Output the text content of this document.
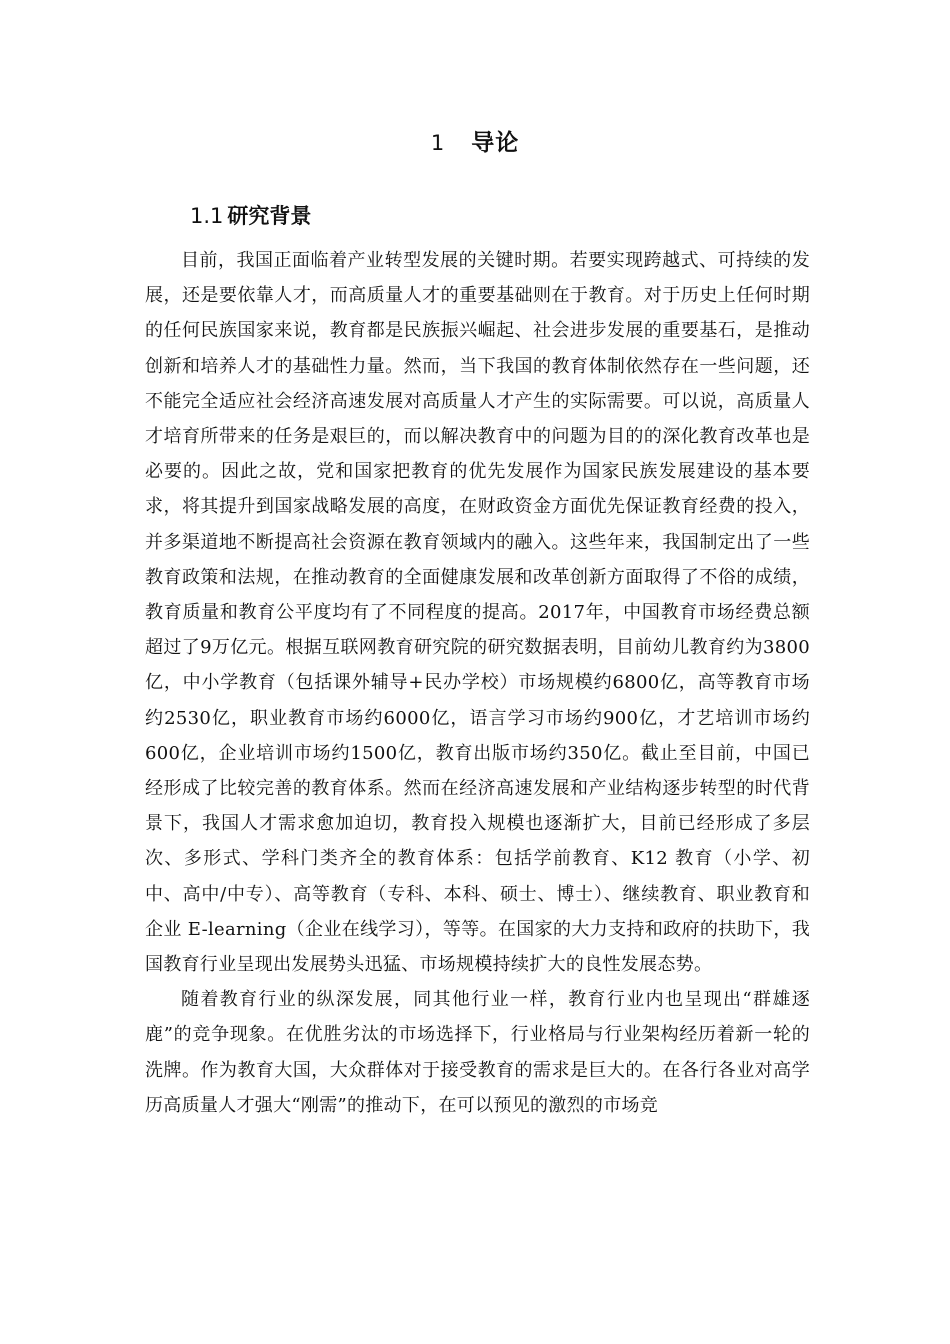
1 导论
1.1 研究背景

目前，我国正面临着产业转型发展的关键时期。若要实现跨越式、可持续的发展，还是要依靠人才，而高质量人才的重要基础则在于教育。对于历史上任何时期的任何民族国家来说，教育都是民族振兴崛起、社会进步发展的重要基石，是推动创新和培养人才的基础性力量。然而，当下我国的教育体制依然存在一些问题，还不能完全适应社会经济高速发展对高质量人才产生的实际需要。可以说，高质量人才培育所带来的任务是艰巨的，而以解决教育中的问题为目的的深化教育改革也是必要的。因此之故，党和国家把教育的优先发展作为国家民族发展建设的基本要求，将其提升到国家战略发展的高度，在财政资金方面优先保证教育经费的投入，并多渠道地不断提高社会资源在教育领域内的融入。这些年来，我国制定出了一些教育政策和法规，在推动教育的全面健康发展和改革创新方面取得了不俗的成绩，教育质量和教育公平度均有了不同程度的提高。2017年，中国教育市场经费总额超过了9万亿元。根据互联网教育研究院的研究数据表明，目前幼儿教育约为3800亿，中小学教育（包括课外辅导+民办学校）市场规模约6800亿，高等教育市场约2530亿，职业教育市场约6000亿，语言学习市场约900亿，才艺培训市场约600亿，企业培训市场约1500亿，教育出版市场约350亿。截止至目前，中国已经形成了比较完善的教育体系。然而在经济高速发展和产业结构逐步转型的时代背景下，我国人才需求愈加迫切，教育投入规模也逐渐扩大，目前已经形成了多层次、多形式、学科门类齐全的教育体系：包括学前教育、K12 教育（小学、初中、高中/中专）、高等教育（专科、本科、硕士、博士）、继续教育、职业教育和企业 E-learning（企业在线学习），等等。在国家的大力支持和政府的扶助下，我国教育行业呈现出发展势头迅猛、市场规模持续扩大的良性发展态势。

随着教育行业的纵深发展，同其他行业一样，教育行业内也呈现出“群雄逐鹿”的竞争现象。在优胜劣汰的市场选择下，行业格局与行业架构经历着新一轮的洗牌。作为教育大国，大众群体对于接受教育的需求是巨大的。在各行各业对高学历高质量人才强大“刚需”的推动下，在可以预见的激烈的市场竞
